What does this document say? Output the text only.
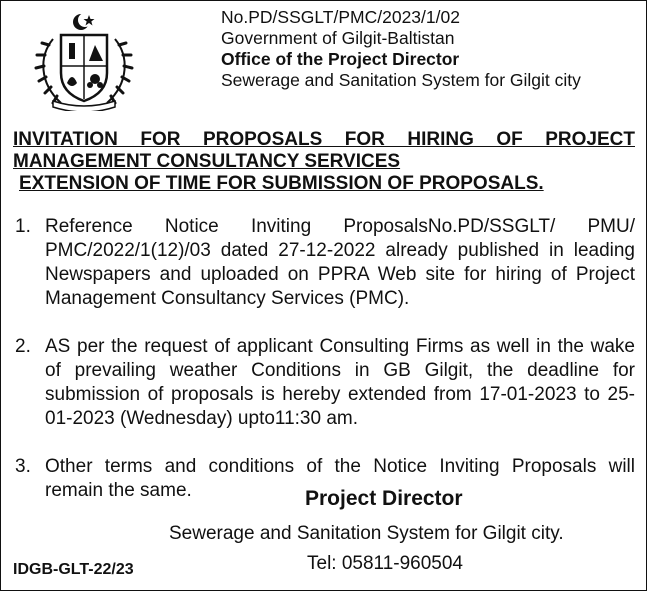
No.PD/SSGLT/PMC/2023/1/02
Government of Gilgit-Baltistan
Office of the Project Director
Sewerage and Sanitation System for Gilgit city
INVITATION FOR PROPOSALS FOR HIRING OF PROJECT
MANAGEMENT CONSULTANCY SERVICES
EXTENSION OF TIME FOR SUBMISSION OF PROPOSALS.
1. Reference Notice Inviting ProposalsNo.PD/SSGLT/ PMU/ PMC/2022/1(12)/03 dated 27-12-2022 already published in leading Newspapers and uploaded on PPRA Web site for hiring of Project Management Consultancy Services (PMC).
2. AS per the request of applicant Consulting Firms as well in the wake of prevailing weather Conditions in GB Gilgit, the deadline for submission of proposals is hereby extended from 17-01-2023 to 25-01-2023 (Wednesday) upto11:30 am.
3. Other terms and conditions of the Notice Inviting Proposals will remain the same.	Project Director
Sewerage and Sanitation System for Gilgit city.
Tel: 05811-960504
IDGB-GLT-22/23
